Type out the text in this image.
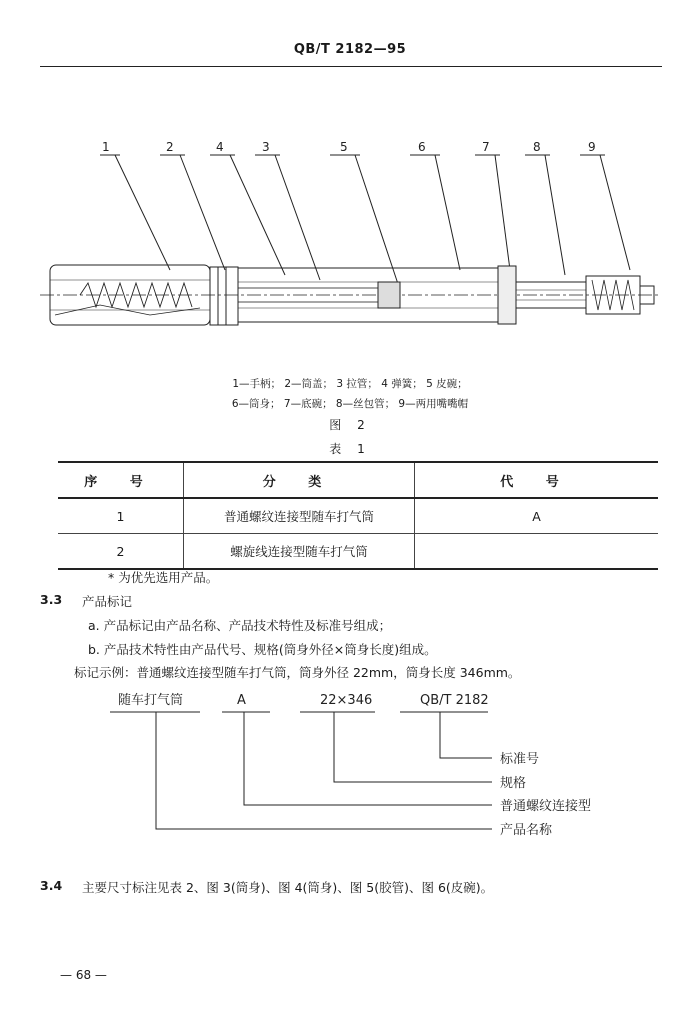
QB/T 2182—95
1	2	4	3	5	6	7	8	9
1—手柄； 2—筒盖； 3 拉管； 4 弹簧； 5 皮碗；
6—筒身； 7—底碗； 8—丝包管； 9—两用嘴嘴帽
图 2
表 1
序 号	分 类	代 号
1	普通螺纹连接型随车打气筒	A
2	螺旋线连接型随车打气筒	
* 为优先选用产品。
3.3 产品标记
a. 产品标记由产品名称、产品技术特性及标准号组成；
b. 产品技术特性由产品代号、规格(筒身外径×筒身长度)组成。
标记示例：普通螺纹连接型随车打气筒，筒身外径 22mm，筒身长度 346mm。
随车打气筒	A	22×346	QB/T 2182
标准号
规格
普通螺纹连接型
产品名称
3.4 主要尺寸标注见表 2、图 3(筒身)、图 4(筒身)、图 5(胶管)、图 6(皮碗)。
— 68 —
